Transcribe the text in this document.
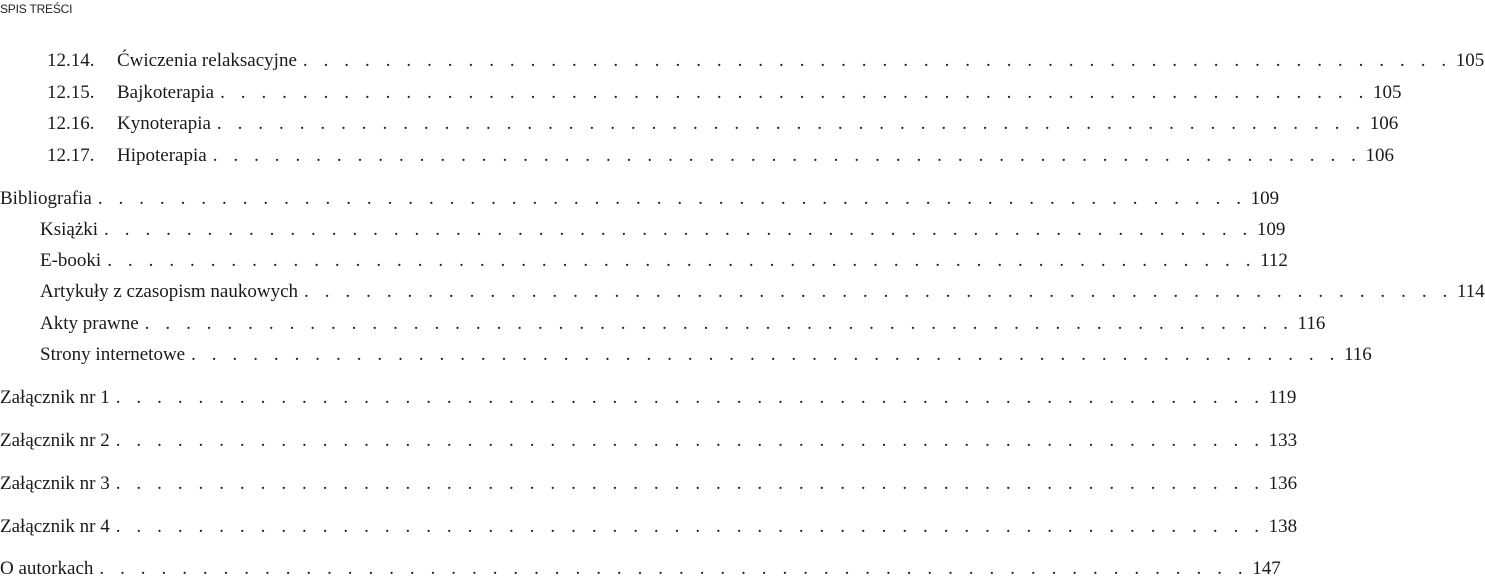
SPIS TREŚCI
12.14.	Ćwiczenia relaksacyjne . . . . . . . . . . . . . . . . . . . . . . . . . . . . . . . . . . . . . . . . . . . . . . . . . . . . . . . . 105
12.15.	Bajkoterapia . . . . . . . . . . . . . . . . . . . . . . . . . . . . . . . . . . . . . . . . . . . . . . . . . . . . . . . . 105
12.16.	Kynoterapia . . . . . . . . . . . . . . . . . . . . . . . . . . . . . . . . . . . . . . . . . . . . . . . . . . . . . . . . 106
12.17.	Hipoterapia . . . . . . . . . . . . . . . . . . . . . . . . . . . . . . . . . . . . . . . . . . . . . . . . . . . . . . . . 106
Bibliografia . . . . . . . . . . . . . . . . . . . . . . . . . . . . . . . . . . . . . . . . . . . . . . . . . . . . . . . . 109
Książki . . . . . . . . . . . . . . . . . . . . . . . . . . . . . . . . . . . . . . . . . . . . . . . . . . . . . . . . 109
E-booki . . . . . . . . . . . . . . . . . . . . . . . . . . . . . . . . . . . . . . . . . . . . . . . . . . . . . . . . 112
Artykuły z czasopism naukowych . . . . . . . . . . . . . . . . . . . . . . . . . . . . . . . . . . . . . . . . . . . . . . . . . . . . . . . . 114
Akty prawne . . . . . . . . . . . . . . . . . . . . . . . . . . . . . . . . . . . . . . . . . . . . . . . . . . . . . . . . 116
Strony internetowe . . . . . . . . . . . . . . . . . . . . . . . . . . . . . . . . . . . . . . . . . . . . . . . . . . . . . . . . 116
Załącznik nr 1 . . . . . . . . . . . . . . . . . . . . . . . . . . . . . . . . . . . . . . . . . . . . . . . . . . . . . . . . 119
Załącznik nr 2 . . . . . . . . . . . . . . . . . . . . . . . . . . . . . . . . . . . . . . . . . . . . . . . . . . . . . . . . 133
Załącznik nr 3 . . . . . . . . . . . . . . . . . . . . . . . . . . . . . . . . . . . . . . . . . . . . . . . . . . . . . . . . 136
Załącznik nr 4 . . . . . . . . . . . . . . . . . . . . . . . . . . . . . . . . . . . . . . . . . . . . . . . . . . . . . . . . 138
O autorkach . . . . . . . . . . . . . . . . . . . . . . . . . . . . . . . . . . . . . . . . . . . . . . . . . . . . . . . . 147
